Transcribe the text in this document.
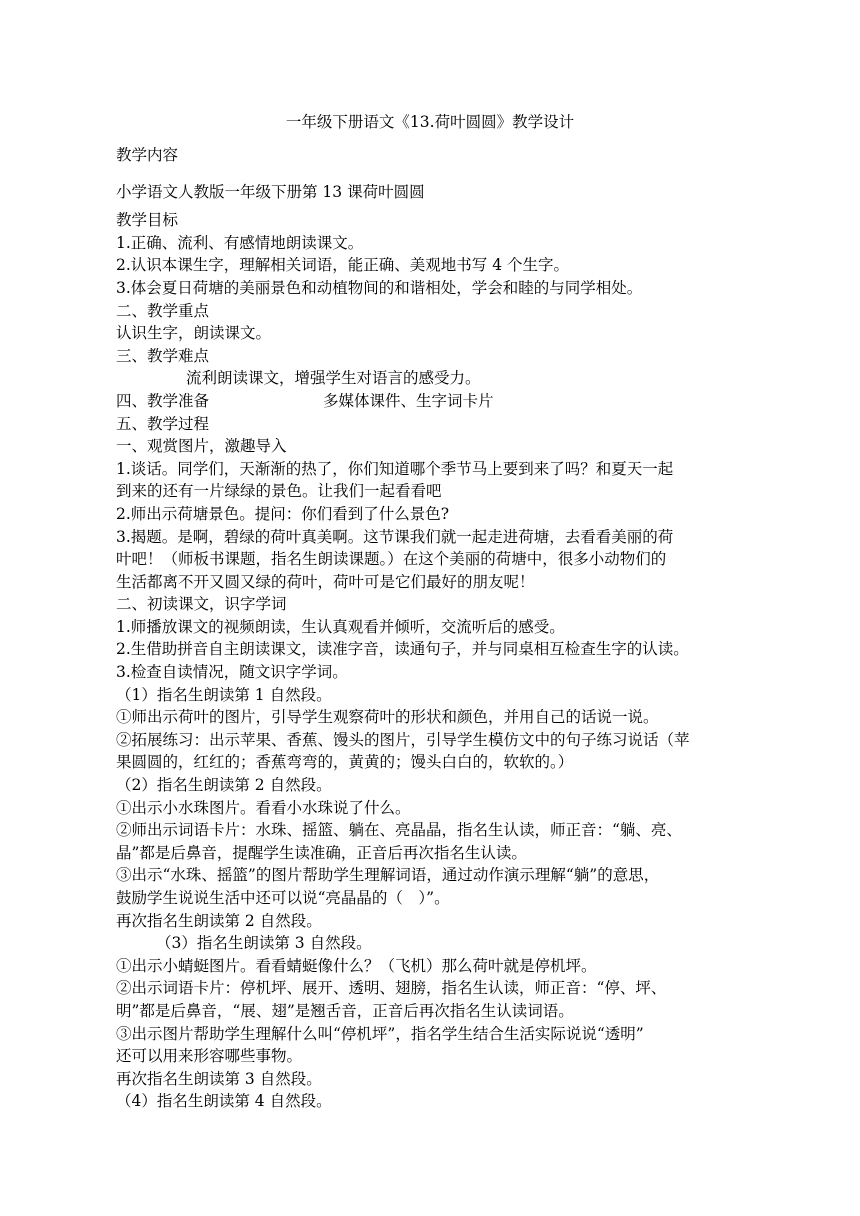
一年级下册语文《13.荷叶圆圆》教学设计
教学内容
小学语文人教版一年级下册第 13 课荷叶圆圆
教学目标
1.正确、流利、有感情地朗读课文。
2.认识本课生字，理解相关词语，能正确、美观地书写 4 个生字。
3.体会夏日荷塘的美丽景色和动植物间的和谐相处，学会和睦的与同学相处。
二、教学重点
认识生字，朗读课文。
三、教学难点
流利朗读课文，增强学生对语言的感受力。
四、教学准备	多媒体课件、生字词卡片
五、教学过程
一、观赏图片，激趣导入
1.谈话。同学们，天渐渐的热了，你们知道哪个季节马上要到来了吗？和夏天一起
到来的还有一片绿绿的景色。让我们一起看看吧
2.师出示荷塘景色。提问：你们看到了什么景色?
3.揭题。是啊，碧绿的荷叶真美啊。这节课我们就一起走进荷塘，去看看美丽的荷
叶吧！（师板书课题，指名生朗读课题。）在这个美丽的荷塘中，很多小动物们的
生活都离不开又圆又绿的荷叶，荷叶可是它们最好的朋友呢！
二、初读课文，识字学词
1.师播放课文的视频朗读，生认真观看并倾听，交流听后的感受。
2.生借助拼音自主朗读课文，读准字音，读通句子，并与同桌相互检查生字的认读。
3.检查自读情况，随文识字学词。
（1）指名生朗读第 1 自然段。
①师出示荷叶的图片，引导学生观察荷叶的形状和颜色，并用自己的话说一说。
②拓展练习：出示苹果、香蕉、馒头的图片，引导学生模仿文中的句子练习说话（苹
果圆圆的，红红的；香蕉弯弯的，黄黄的；馒头白白的，软软的。）
（2）指名生朗读第 2 自然段。
①出示小水珠图片。看看小水珠说了什么。
②师出示词语卡片：水珠、摇篮、躺在、亮晶晶，指名生认读，师正音：“躺、亮、
晶”都是后鼻音，提醒学生读准确，正音后再次指名生认读。
③出示“水珠、摇篮”的图片帮助学生理解词语，通过动作演示理解“躺”的意思，
鼓励学生说说生活中还可以说“亮晶晶的（　）”。
再次指名生朗读第 2 自然段。
（3）指名生朗读第 3 自然段。
①出示小蜻蜓图片。看看蜻蜓像什么？（飞机）那么荷叶就是停机坪。
②出示词语卡片：停机坪、展开、透明、翅膀，指名生认读，师正音：“停、坪、
明”都是后鼻音，“展、翅”是翘舌音，正音后再次指名生认读词语。
③出示图片帮助学生理解什么叫“停机坪”，指名学生结合生活实际说说“透明”
还可以用来形容哪些事物。
再次指名生朗读第 3 自然段。
（4）指名生朗读第 4 自然段。
